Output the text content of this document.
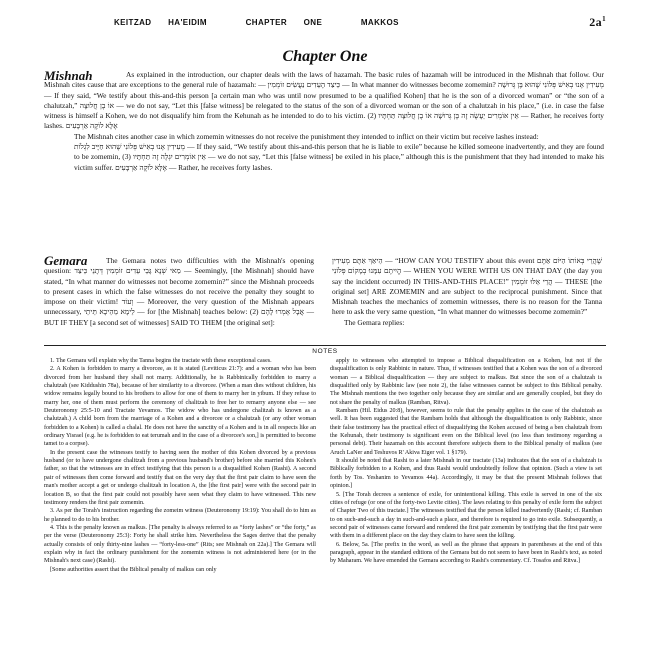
KEITZAD HA'EIDIM	CHAPTER ONE	MAKKOS	$2a^1$
Chapter One
Mishnah	As explained in the introduction, our chapter deals with the laws of hazamah. The basic rules of hazamah will be introduced in the Mishnah that follow. Our Mishnah cites cause that are exceptions to the general rule of hazamah: — כֵּיצַד הָעֵדִים נַעֲשִׂים זוֹמְמִין — In what manner do witnesses become zomemin? מְעִידִין אָנוּ בְאִישׁ פְּלוֹנִי שֶׁהוּא בֶּן גְּרוּשָׁה — If they said, “We testify about this-and-this person [a certain man who was until now presumed to be a qualified Kohen] that he is the son of a divorced woman” or “the son of a chalutzah,” אוֹ בֶן חֲלוּצָה — we do not say, “Let this [false witness] be relegated to the status of the son of a divorced woman or the son of a chalutzah in his place,” (i.e. in case the false witness is himself a Kohen, we do not disqualify him from the Kehunah as he intended to do to his victim. (2) אֵין אוֹמְרִים יֵעָשֶׂה זֶה בֶּן גְּרוּשָׁה אוֹ בֶן חֲלוּצָה תַּחְתָּיו — Rather, he receives forty lashes. אֶלָּא לוֹקֶה אַרְבָּעִים

The Mishnah cites another case in which zomemin witnesses do not receive the punishment they intended to inflict on their victim but receive lashes instead:

מְעִידִין אָנוּ בְאִישׁ פְּלוֹנִי שֶׁהוּא חַיָּיב לִגְלוֹת — If they said, “We testify about this-and-this person that he is liable to exile” because he killed someone inadvertently, and they are found to be zomemin, (3) אֵין אוֹמְרִים יִגְלֶה זֶה תַּחְתָּיו — we do not say, “Let this [false witness] be exiled in his place,” although this is the punishment that they had intended to make his victim suffer. אֶלָּא לוֹקֶה אַרְבָּעִים — Rather, he receives forty lashes.

Gemara	The Gemara notes two difficulties with the Mishnah's opening question: מַאי שְׁנָא גָּבֵי עֵדִים זוֹמְמִין דְּתָנֵי כֵּיצַד — Seemingly, [the Mishnah] should have stated, “In what manner do witnesses not become zomemin?” since the Mishnah proceeds to present cases in which the false witnesses do not receive the penalty they sought to impose on their victim! וְעוֹד — Moreover, the very question of the Mishnah appears unnecessary, לֵימָא מֵהֵיכָא תֵּיתֵי — for [the Mishnah] teaches below: (2) אֲבָל אָמְרוּ לָהֶם — BUT IF THEY [a second set of witnesses] SAID TO THEM [the original set]:
הֵיאַךְ אַתֶּם מְעִידִין — “HOW CAN YOU TESTIFY about this event שֶׁהֲרֵי בְּאוֹתוֹ הַיּוֹם אַתֶּם הֱיִיתֶם עִמָּנוּ בְמָקוֹם פְּלוֹנִי — WHEN YOU WERE WITH US ON THAT DAY (the day you say the incident occurred) IN THIS-AND-THIS PLACE!” הֲרֵי אֵלּוּ זוֹמְמִין — THESE [the original set] ARE ZOMEMIN and are subject to the reciprocal punishment. Since that Mishnah teaches the mechanics of zomemin witnesses, there is no reason for the Tanna here to ask the very same question, “In what manner do witnesses become zomemin?”
The Gemara replies:
NOTES

1. The Gemara will explain why the Tanna begins the tractate with these exceptional cases.

2. A Kohen is forbidden to marry a divorcee, as it is stated (Leviticus 21:7): and a woman who has been divorced from her husband they shall not marry. Additionally, he is Rabbinically forbidden to marry a chalutzah (see Kiddushin 78a), because of her similarity to a divorcee. (When a man dies without children, his widow remains legally bound to his brothers to allow for one of them to marry her in yibum. If they refuse to marry her, one of them must perform the ceremony of chalitzah to free her to remarry anyone else — see Deuteronomy 25:5-10 and Tractate Yevamos. The widow who has undergone chalitzah is known as a chalutzah.) A child born from the marriage of a Kohen and a divorcee or a chalutzah (or any other woman forbidden to a Kohen) is called a chalal. He does not have the sanctity of a Kohen and is in all respects like an ordinary Yisrael (e.g. he is forbidden to eat terumah and in the case of a divorcee's son,] is permitted to become tamei to a corpse).

In the present case the witnesses testify to having seen the mother of this Kohen divorced by a previous husband (or to have undergone chalitzah from a previous husband's brother) before she married this Kohen's father, so that the witnesses are in effect testifying that this person is a disqualified Kohen (Rashi). A second pair of witnesses then come forward and testify that on the very day that the first pair claim to have seen the man's mother accept a get or undergo chalitzah in location A, the [the first pair] were with the second pair in location B, so that the first pair could not possibly have seen what they claim to have witnessed. This new testimony renders the first pair zomemin.

3. As per the Torah's instruction regarding the zomeim witness (Deuteronomy 19:19): You shall do to him as he planned to do to his brother.

4. This is the penalty known as malkus. [The penalty is always referred to as “forty lashes” or “the forty,” as per the verse (Deuteronomy 25:3): Forty he shall strike him. Nevertheless the Sages derive that the penalty actually consists of only thirty-nine lashes — “forty-less-one” (Rits; see Mishnah on 22a).] The Gemara will explain why in fact the ordinary punishment for the zomemin witness is not administered here (or in the Mishnah's next case) (Rashi).

[Some authorities assert that the Biblical penalty of malkus can only

apply to witnesses who attempted to impose a Biblical disqualification on a Kohen, but not if the disqualification is only Rabbinic in nature. Thus, if witnesses testified that a Kohen was the son of a divorced woman — a Biblical disqualification — they are subject to malkus. But since the son of a chalutzah is disqualified only by Rabbinic law (see note 2), the false witnesses cannot be subject to this Biblical penalty. The Mishnah mentions the two together only because they are similar and are generally coupled, but they do not share the penalty of malkus (Ramban, Ritva).

Rambam (Hil. Eidus 20:8), however, seems to rule that the penalty applies in the case of the chalutzah as well. It has been suggested that the Rambam holds that although the disqualification is only Rabbinic, since their false testimony has the practical effect of disqualifying the Kohen accused of being a ben chalutzah from the Kehunah, their testimony is significant even on the Biblical level (no less than testimony regarding a personal debt). Their hazamah on this account therefore subjects them to the Biblical penalty of malkus (see Aruch LaNer and Teshuvos R' Akiva Eiger vol. 1 §179).

It should be noted that Rashi to a later Mishnah in our tractate (13a) indicates that the son of a chalutzah is Biblically forbidden to a Kohen, and thus Rashi would undoubtedly follow that opinion. (Such a view is set forth by Tos. Yeshanim to Yevamos 44a). Accordingly, it may be that the present Mishnah follows that opinion.]

5. [The Torah decrees a sentence of exile, for unintentional killing. This exile is served in one of the six cities of refuge (or one of the forty-two Levite cities). The laws relating to this penalty of exile form the subject of Chapter Two of this tractate.] The witnesses testified that the person killed inadvertently (Rashi; cf. Ramban to on such-and-such a day in such-and-such a place, and therefore is required to go into exile. Subsequently, a second pair of witnesses came forward and rendered the first pair zomemin by testifying that the first pair were with them in a different place on the day they claim to have seen the killing.

6. Below, 5a. [The prefix in the word, as well as the phrase that appears in parentheses at the end of this paragraph, appear in the standard editions of the Gemara but do not seem to have been in Rashi's text, as noted by Maharam. We have emended the Gemara according to Rashi's commentary. Cf. Tosafos and Ritva.]
